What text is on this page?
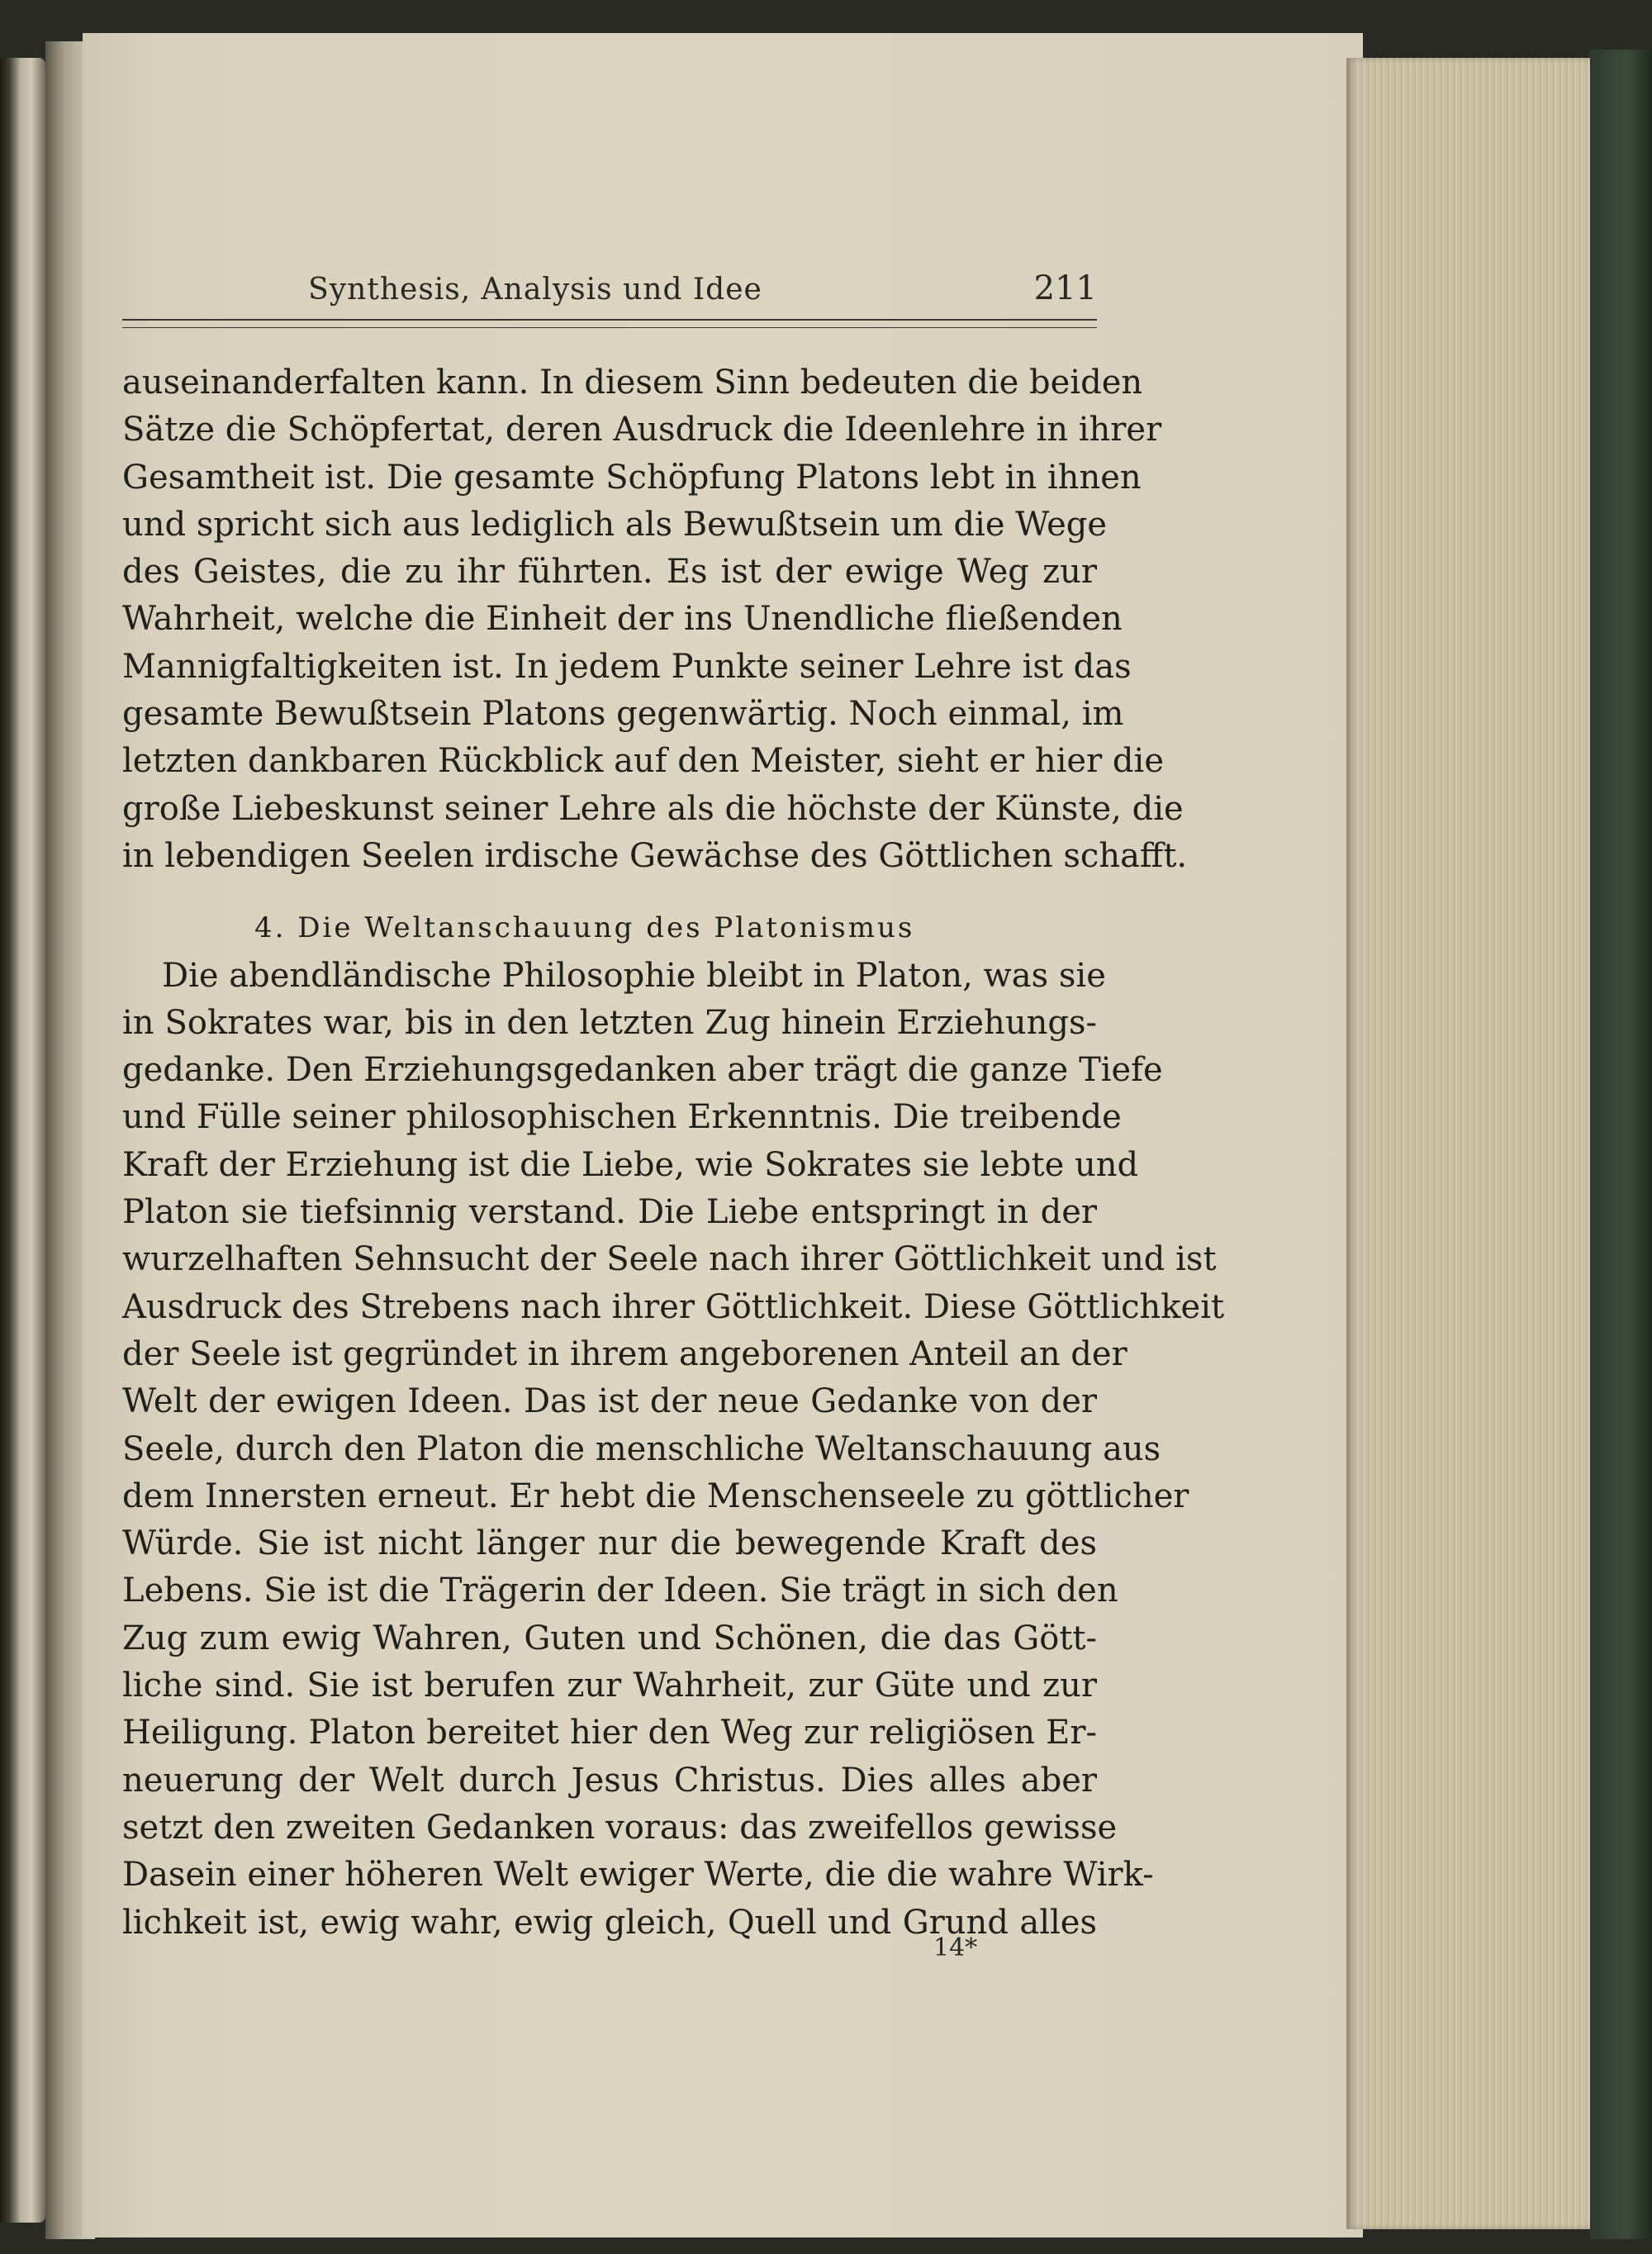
Synthesis, Analysis und Idee	211
auseinanderfalten kann. In diesem Sinn bedeuten die beiden
Sätze die Schöpfertat, deren Ausdruck die Ideenlehre in ihrer
Gesamtheit ist. Die gesamte Schöpfung Platons lebt in ihnen
und spricht sich aus lediglich als Bewußtsein um die Wege
des Geistes, die zu ihr führten. Es ist der ewige Weg zur
Wahrheit, welche die Einheit der ins Unendliche fließenden
Mannigfaltigkeiten ist. In jedem Punkte seiner Lehre ist das
gesamte Bewußtsein Platons gegenwärtig. Noch einmal, im
letzten dankbaren Rückblick auf den Meister, sieht er hier die
große Liebeskunst seiner Lehre als die höchste der Künste, die
in lebendigen Seelen irdische Gewächse des Göttlichen schafft.
4. Die Weltanschauung des Platonismus
Die abendländische Philosophie bleibt in Platon, was sie
in Sokrates war, bis in den letzten Zug hinein Erziehungs-
gedanke. Den Erziehungsgedanken aber trägt die ganze Tiefe
und Fülle seiner philosophischen Erkenntnis. Die treibende
Kraft der Erziehung ist die Liebe, wie Sokrates sie lebte und
Platon sie tiefsinnig verstand. Die Liebe entspringt in der
wurzelhaften Sehnsucht der Seele nach ihrer Göttlichkeit und ist
Ausdruck des Strebens nach ihrer Göttlichkeit. Diese Göttlichkeit
der Seele ist gegründet in ihrem angeborenen Anteil an der
Welt der ewigen Ideen. Das ist der neue Gedanke von der
Seele, durch den Platon die menschliche Weltanschauung aus
dem Innersten erneut. Er hebt die Menschenseele zu göttlicher
Würde. Sie ist nicht länger nur die bewegende Kraft des
Lebens. Sie ist die Trägerin der Ideen. Sie trägt in sich den
Zug zum ewig Wahren, Guten und Schönen, die das Gött-
liche sind. Sie ist berufen zur Wahrheit, zur Güte und zur
Heiligung. Platon bereitet hier den Weg zur religiösen Er-
neuerung der Welt durch Jesus Christus. Dies alles aber
setzt den zweiten Gedanken voraus: das zweifellos gewisse
Dasein einer höheren Welt ewiger Werte, die die wahre Wirk-
lichkeit ist, ewig wahr, ewig gleich, Quell und Grund alles
14*
